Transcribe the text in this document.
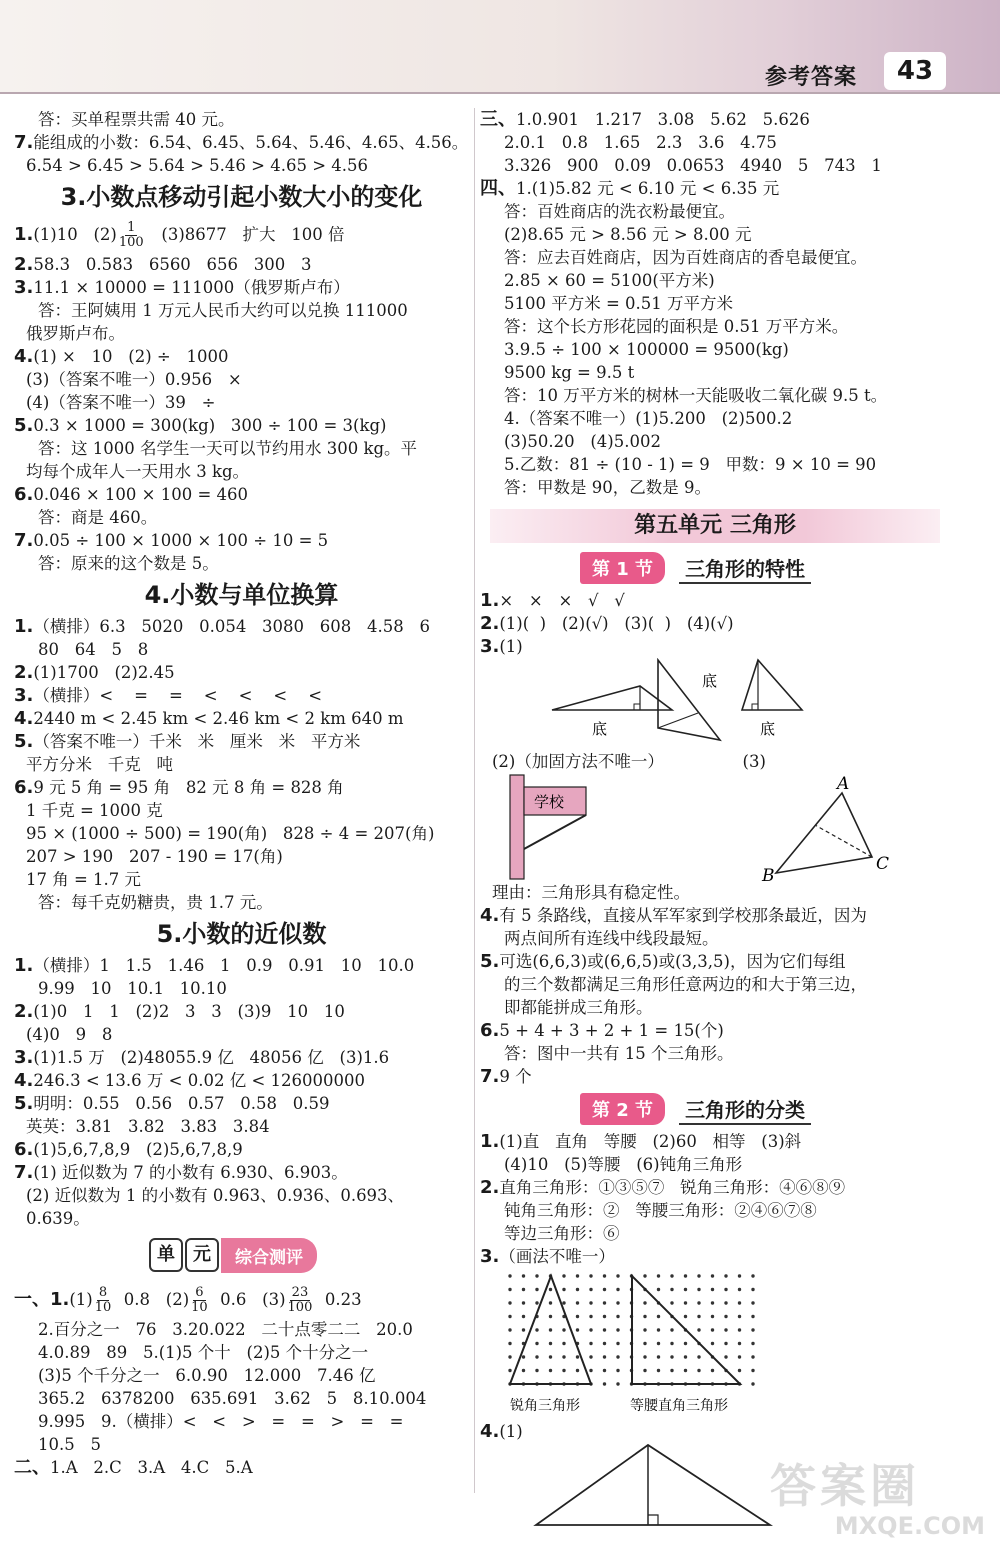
参考答案	43
答：买单程票共需 40 元。
7.能组成的小数：6.54、6.45、5.64、5.46、4.65、4.56。
6.54 > 6.45 > 5.64 > 5.46 > 4.65 > 4.56
3.小数点移动引起小数大小的变化
1.(1)10   $(2) \frac{1}{100} (3)8677$   扩大   100 倍
2.58.3   0.583   6560   656   300   3
3.11.1 × 10000 = 111000（俄罗斯卢布）
答：王阿姨用 1 万元人民币大约可以兑换 111000
俄罗斯卢布。
4.(1) ×   10   (2) ÷   1000
(3)（答案不唯一）0.956   ×
(4)（答案不唯一）39   ÷
5.0.3 × 1000 = 300(kg)   300 ÷ 100 = 3(kg)
答：这 1000 名学生一天可以节约用水 300 kg。平
均每个成年人一天用水 3 kg。
6.0.046 × 100 × 100 = 460
答：商是 460。
7.0.05 ÷ 100 × 1000 × 100 ÷ 10 = 5
答：原来的这个数是 5。
4.小数与单位换算
1.（横排）6.3   5020   0.054   3080   608   4.58   6
80   64   5   8
2.(1)1700   (2)2.45
3.（横排）<    =    =    <    <    <    <
4.2440 m < 2.45 km < 2.46 km < 2 km 640 m
5.（答案不唯一）千米   米   厘米   米   平方米
平方分米   千克   吨
6.9 元 5 角 = 95 角   82 元 8 角 = 828 角
1 千克 = 1000 克
95 × (1000 ÷ 500) = 190(角)   828 ÷ 4 = 207(角)
207 > 190   207 - 190 = 17(角)
17 角 = 1.7 元
答：每千克奶糖贵，贵 1.7 元。
5.小数的近似数
1.（横排）1   1.5   1.46   1   0.9   0.91   10   10.0
9.99   10   10.1   10.10
2.(1)0   1   1   (2)2   3   3   (3)9   10   10
(4)0   9   8
3.(1)1.5 万   (2)48055.9 亿   48056 亿   (3)1.6
4.246.3 < 13.6 万 < 0.02 亿 < 126000000
5.明明：0.55   0.56   0.57   0.58   0.59
英英：3.81   3.82   3.83   3.84
6.(1)5,6,7,8,9   (2)5,6,7,8,9
7.(1) 近似数为 7 的小数有 6.930、6.903。
(2) 近似数为 1 的小数有 0.963、0.936、0.693、
0.639。
单	元	综合测评
一、$1.(1) \frac{8}{10} 0.8$   $(2) \frac{6}{10} 0.6$   $(3) \frac{23}{100} 0.23$
2.百分之一   76   3.20.022   二十点零二二   20.0
4.0.89   89   5.(1)5 个十   (2)5 个十分之一
(3)5 个千分之一   6.0.90   12.000   7.46 亿
365.2   6378200   635.691   3.62   5   8.10.004
9.995   9.（横排）<   <   >   =   =   >   =   =
10.5   5
二、1.A   2.C   3.A   4.C   5.A
三、1.0.901   1.217   3.08   5.62   5.626
2.0.1   0.8   1.65   2.3   3.6   4.75
3.326   900   0.09   0.0653   4940   5   743   1
四、1.(1)5.82 元 < 6.10 元 < 6.35 元
答：百姓商店的洗衣粉最便宜。
(2)8.65 元 > 8.56 元 > 8.00 元
答：应去百姓商店，因为百姓商店的香皂最便宜。
2.85 × 60 = 5100(平方米)
5100 平方米 = 0.51 万平方米
答：这个长方形花园的面积是 0.51 万平方米。
3.9.5 ÷ 100 × 100000 = 9500(kg)
9500 kg = 9.5 t
答：10 万平方米的树林一天能吸收二氧化碳 9.5 t。
4.（答案不唯一）(1)5.200   (2)500.2
(3)50.20   (4)5.002
5.乙数：81 ÷ (10 - 1) = 9   甲数：9 × 10 = 90
答：甲数是 90，乙数是 9。
第五单元 三角形
第 1 节	三角形的特性
1.×   ×   ×   √   √
2.(1)(  )   (2)(√)   (3)(  )   (4)(√)
3.(1)
底
底
底
(2)（加固方法不唯一）               (3)
学校
A
B
C
理由：三角形具有稳定性。
4.有 5 条路线，直接从军军家到学校那条最近，因为
两点间所有连线中线段最短。
5.可选(6,6,3)或(6,6,5)或(3,3,5)，因为它们每组
的三个数都满足三角形任意两边的和大于第三边，
即都能拼成三角形。
6.5 + 4 + 3 + 2 + 1 = 15(个)
答：图中一共有 15 个三角形。
7.9 个
第 2 节	三角形的分类
1.(1)直   直角   等腰   (2)60   相等   (3)斜
(4)10   (5)等腰   (6)钝角三角形
2.直角三角形：①③⑤⑦   锐角三角形：④⑥⑧⑨
钝角三角形：②   等腰三角形：②④⑥⑦⑧
等边三角形：⑥
3.（画法不唯一）
锐角三角形	等腰直角三角形
4.(1)
答案圈
MXQE.COM
